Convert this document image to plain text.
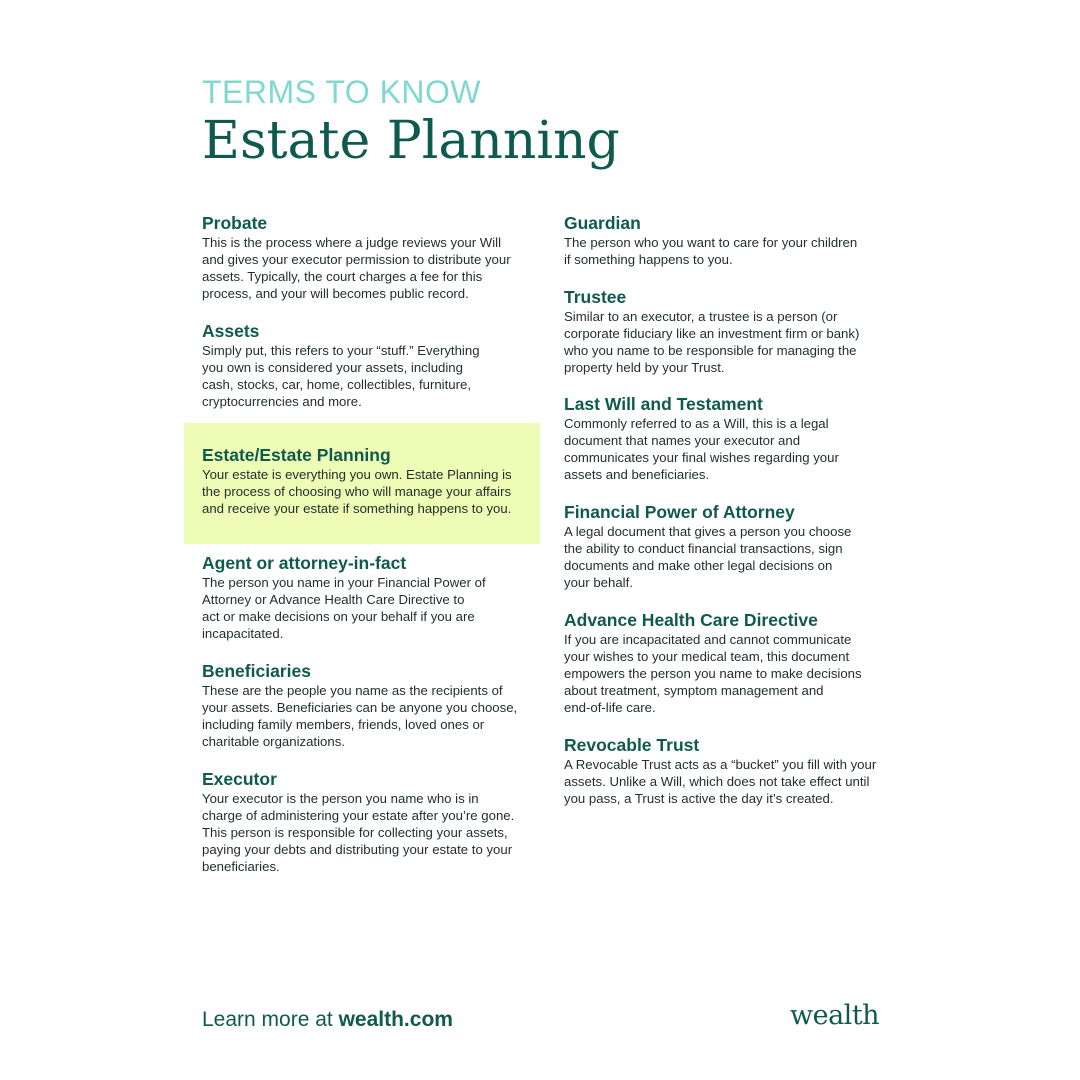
TERMS TO KNOW
Estate Planning
Probate
This is the process where a judge reviews your Will
and gives your executor permission to distribute your
assets. Typically, the court charges a fee for this
process, and your will becomes public record.
Assets
Simply put, this refers to your “stuff.” Everything
you own is considered your assets, including
cash, stocks, car, home, collectibles, furniture,
cryptocurrencies and more.
Estate/Estate Planning
Your estate is everything you own. Estate Planning is
the process of choosing who will manage your affairs
and receive your estate if something happens to you.
Agent or attorney-in-fact
The person you name in your Financial Power of
Attorney or Advance Health Care Directive to
act or make decisions on your behalf if you are
incapacitated.
Beneficiaries
These are the people you name as the recipients of
your assets. Beneficiaries can be anyone you choose,
including family members, friends, loved ones or
charitable organizations.
Executor
Your executor is the person you name who is in
charge of administering your estate after you’re gone.
This person is responsible for collecting your assets,
paying your debts and distributing your estate to your
beneficiaries.
Guardian
The person who you want to care for your children
if something happens to you.
Trustee
Similar to an executor, a trustee is a person (or
corporate fiduciary like an investment firm or bank)
who you name to be responsible for managing the
property held by your Trust.
Last Will and Testament
Commonly referred to as a Will, this is a legal
document that names your executor and
communicates your final wishes regarding your
assets and beneficiaries.
Financial Power of Attorney
A legal document that gives a person you choose
the ability to conduct financial transactions, sign
documents and make other legal decisions on
your behalf.
Advance Health Care Directive
If you are incapacitated and cannot communicate
your wishes to your medical team, this document
empowers the person you name to make decisions
about treatment, symptom management and
end-of-life care.
Revocable Trust
A Revocable Trust acts as a “bucket” you fill with your
assets. Unlike a Will, which does not take effect until
you pass, a Trust is active the day it’s created.
Learn more at wealth.com	wealth
